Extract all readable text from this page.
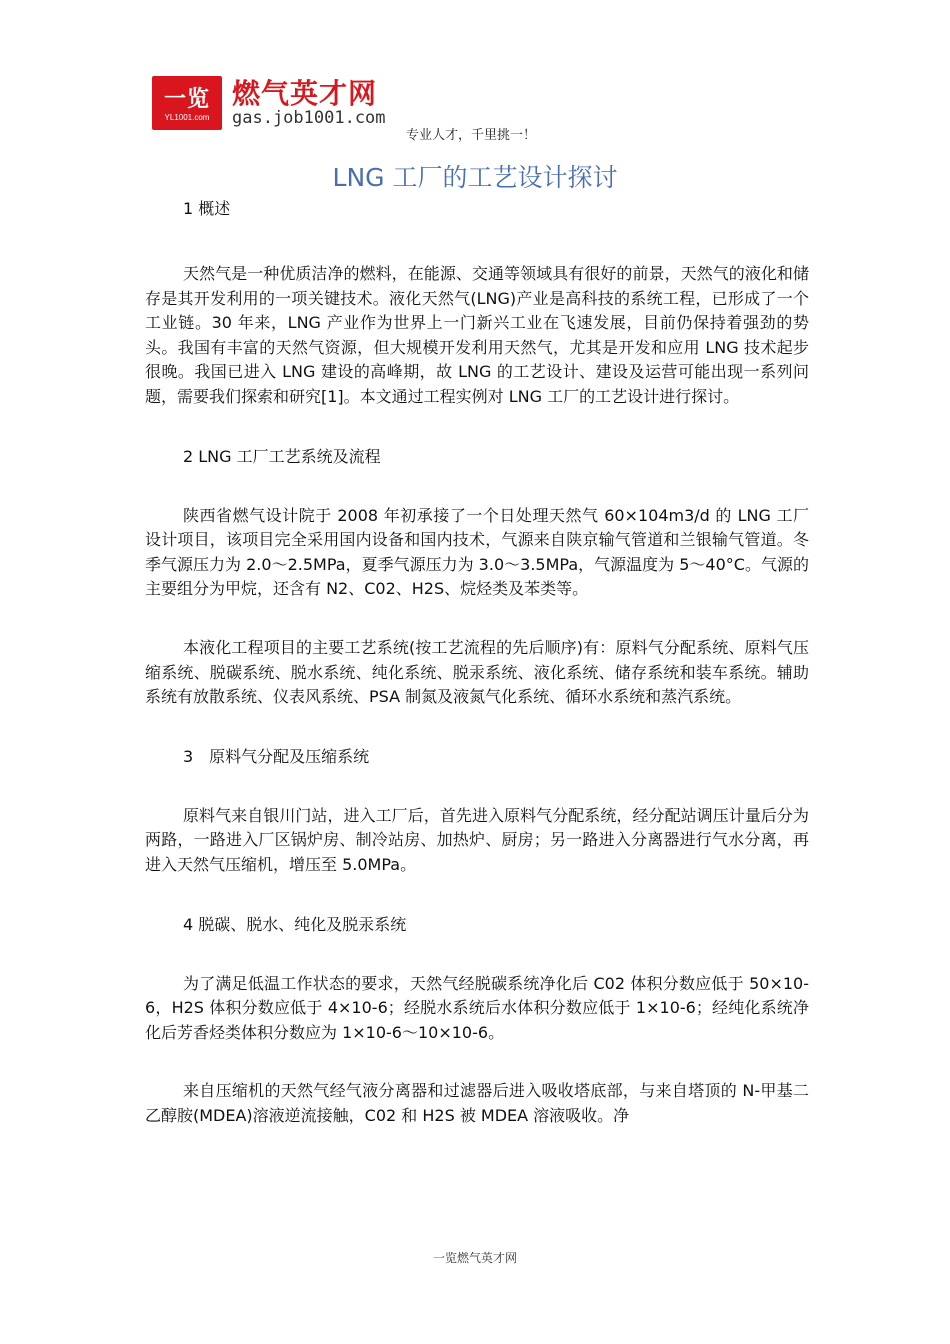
一览
YL1001.com
燃气英才网
gas.job1001.com
专业人才，千里挑一！
LNG 工厂的工艺设计探讨
1 概述

天然气是一种优质洁净的燃料，在能源、交通等领域具有很好的前景，天然气的液化和储存是其开发利用的一项关键技术。液化天然气(LNG)产业是高科技的系统工程，已形成了一个工业链。30 年来，LNG 产业作为世界上一门新兴工业在飞速发展，目前仍保持着强劲的势头。我国有丰富的天然气资源，但大规模开发利用天然气，尤其是开发和应用 LNG 技术起步很晚。我国已进入 LNG 建设的高峰期，故 LNG 的工艺设计、建设及运营可能出现一系列问题，需要我们探索和研究[1]。本文通过工程实例对 LNG 工厂的工艺设计进行探讨。

2 LNG 工厂工艺系统及流程

陕西省燃气设计院于 2008 年初承接了一个日处理天然气 60×104m3/d 的 LNG 工厂设计项目，该项目完全采用国内设备和国内技术，气源来自陕京输气管道和兰银输气管道。冬季气源压力为 2.0～2.5MPa，夏季气源压力为 3.0～3.5MPa，气源温度为 5～40°C。气源的主要组分为甲烷，还含有 N2、C02、H2S、烷烃类及苯类等。

本液化工程项目的主要工艺系统(按工艺流程的先后顺序)有：原料气分配系统、原料气压缩系统、脱碳系统、脱水系统、纯化系统、脱汞系统、液化系统、储存系统和装车系统。辅助系统有放散系统、仪表风系统、PSA 制氮及液氮气化系统、循环水系统和蒸汽系统。

3　原料气分配及压缩系统

原料气来自银川门站，进入工厂后，首先进入原料气分配系统，经分配站调压计量后分为两路，一路进入厂区锅炉房、制冷站房、加热炉、厨房；另一路进入分离器进行气水分离，再进入天然气压缩机，增压至 5.0MPa。

4 脱碳、脱水、纯化及脱汞系统

为了满足低温工作状态的要求，天然气经脱碳系统净化后 C02 体积分数应低于 50×10-6，H2S 体积分数应低于 4×10-6；经脱水系统后水体积分数应低于 1×10-6；经纯化系统净化后芳香烃类体积分数应为 1×10-6～10×10-6。

来自压缩机的天然气经气液分离器和过滤器后进入吸收塔底部，与来自塔顶的 N-甲基二乙醇胺(MDEA)溶液逆流接触，C02 和 H2S 被 MDEA 溶液吸收。净

一览燃气英才网
